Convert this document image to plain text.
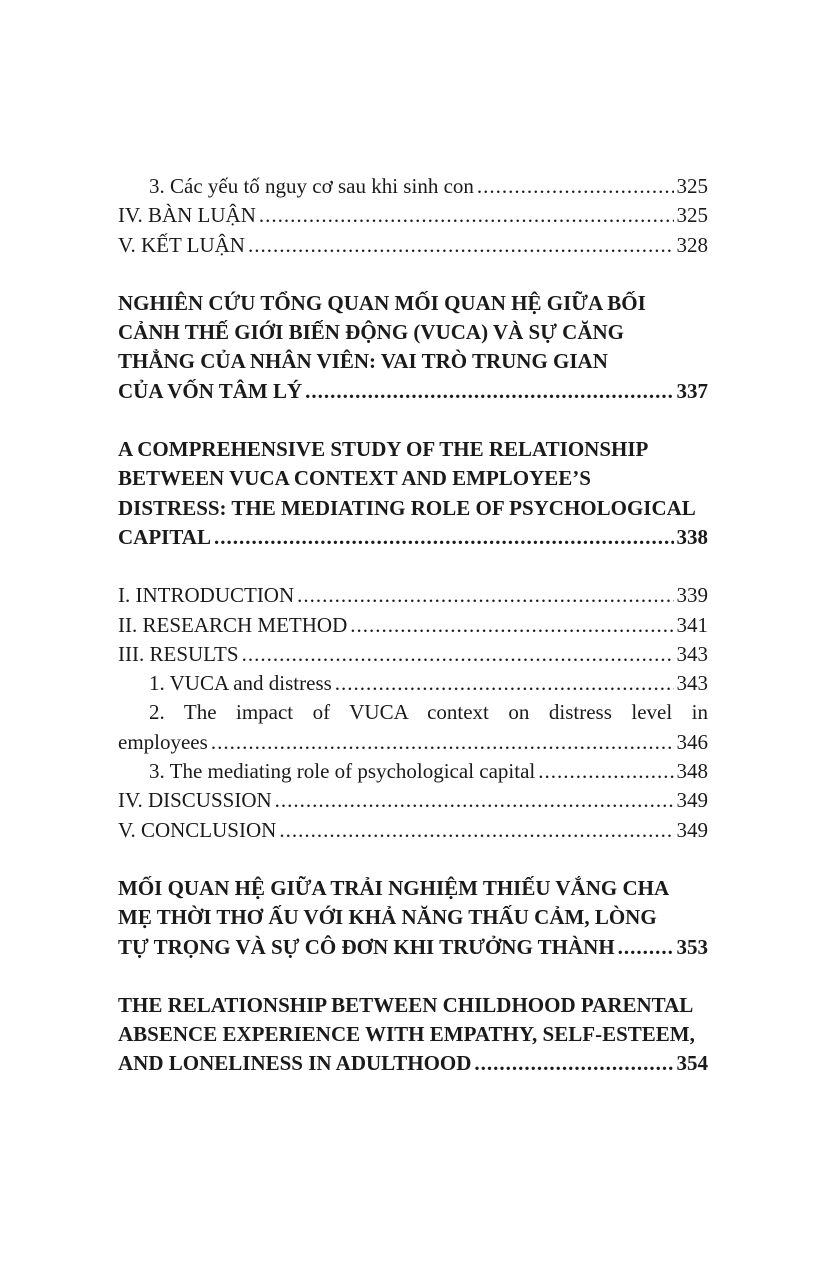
3. Các yếu tố nguy cơ sau khi sinh con .....	325
IV. BÀN LUẬN .....	325
V. KẾT LUẬN .....	328
NGHIÊN CỨU TỔNG QUAN MỐI QUAN HỆ GIỮA BỐI
CẢNH THẾ GIỚI BIẾN ĐỘNG (VUCA) VÀ SỰ CĂNG
THẲNG CỦA NHÂN VIÊN: VAI TRÒ TRUNG GIAN
CỦA VỐN TÂM LÝ .....	337
A COMPREHENSIVE STUDY OF THE RELATIONSHIP
BETWEEN VUCA CONTEXT AND EMPLOYEE’S
DISTRESS: THE MEDIATING ROLE OF PSYCHOLOGICAL
CAPITAL .....	338
I. INTRODUCTION .....	339
II. RESEARCH METHOD .....	341
III. RESULTS .....	343
1. VUCA and distress .....	343
2. The impact of VUCA context on distress level in
employees .....	346
3. The mediating role of psychological capital .....	348
IV. DISCUSSION .....	349
V. CONCLUSION .....	349
MỐI QUAN HỆ GIỮA TRẢI NGHIỆM THIẾU VẮNG CHA
MẸ THỜI THƠ ẤU VỚI KHẢ NĂNG THẤU CẢM, LÒNG
TỰ TRỌNG VÀ SỰ CÔ ĐƠN KHI TRƯỞNG THÀNH .....	353
THE RELATIONSHIP BETWEEN CHILDHOOD PARENTAL
ABSENCE EXPERIENCE WITH EMPATHY, SELF-ESTEEM,
AND LONELINESS IN ADULTHOOD .....	354
